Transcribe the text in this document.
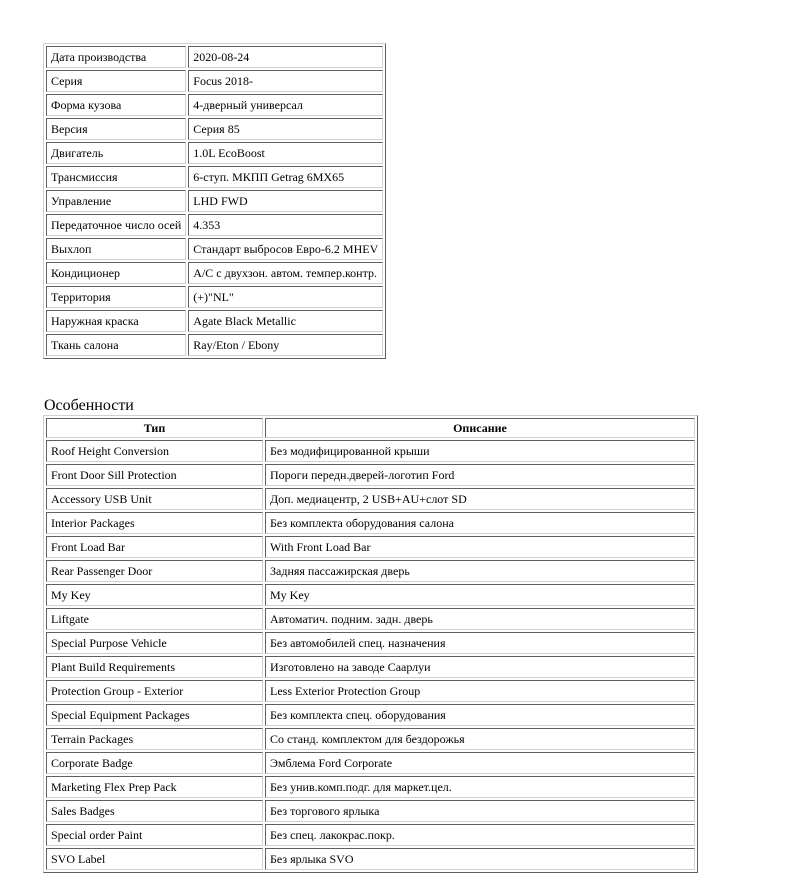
Дата производства	2020-08-24
Серия	Focus 2018-
Форма кузова	4-дверный универсал
Версия	Серия 85
Двигатель	1.0L EcoBoost
Трансмиссия	6-ступ. МКПП Getrag 6MX65
Управление	LHD FWD
Передаточное число осей	4.353
Выхлоп	Стандарт выбросов Евро-6.2 MHEV
Кондиционер	A/C с двухзон. автом. темпер.контр.
Территория	(+)"NL"
Наружная краска	Agate Black Metallic
Ткань салона	Ray/Eton / Ebony
Особенности
Тип	Описание
Roof Height Conversion	Без модифицированной крыши
Front Door Sill Protection	Пороги передн.дверей-логотип Ford
Accessory USB Unit	Доп. медиацентр, 2 USB+AU+слот SD
Interior Packages	Без комплекта оборудования салона
Front Load Bar	With Front Load Bar
Rear Passenger Door	Задняя пассажирская дверь
My Key	My Key
Liftgate	Автоматич. подним. задн. дверь
Special Purpose Vehicle	Без автомобилей спец. назначения
Plant Build Requirements	Изготовлено на заводе Саарлуи
Protection Group - Exterior	Less Exterior Protection Group
Special Equipment Packages	Без комплекта спец. оборудования
Terrain Packages	Со станд. комплектом для бездорожья
Corporate Badge	Эмблема Ford Corporate
Marketing Flex Prep Pack	Без унив.комп.подг. для маркет.цел.
Sales Badges	Без торгового ярлыка
Special order Paint	Без спец. лакокрас.покр.
SVO Label	Без ярлыка SVO
